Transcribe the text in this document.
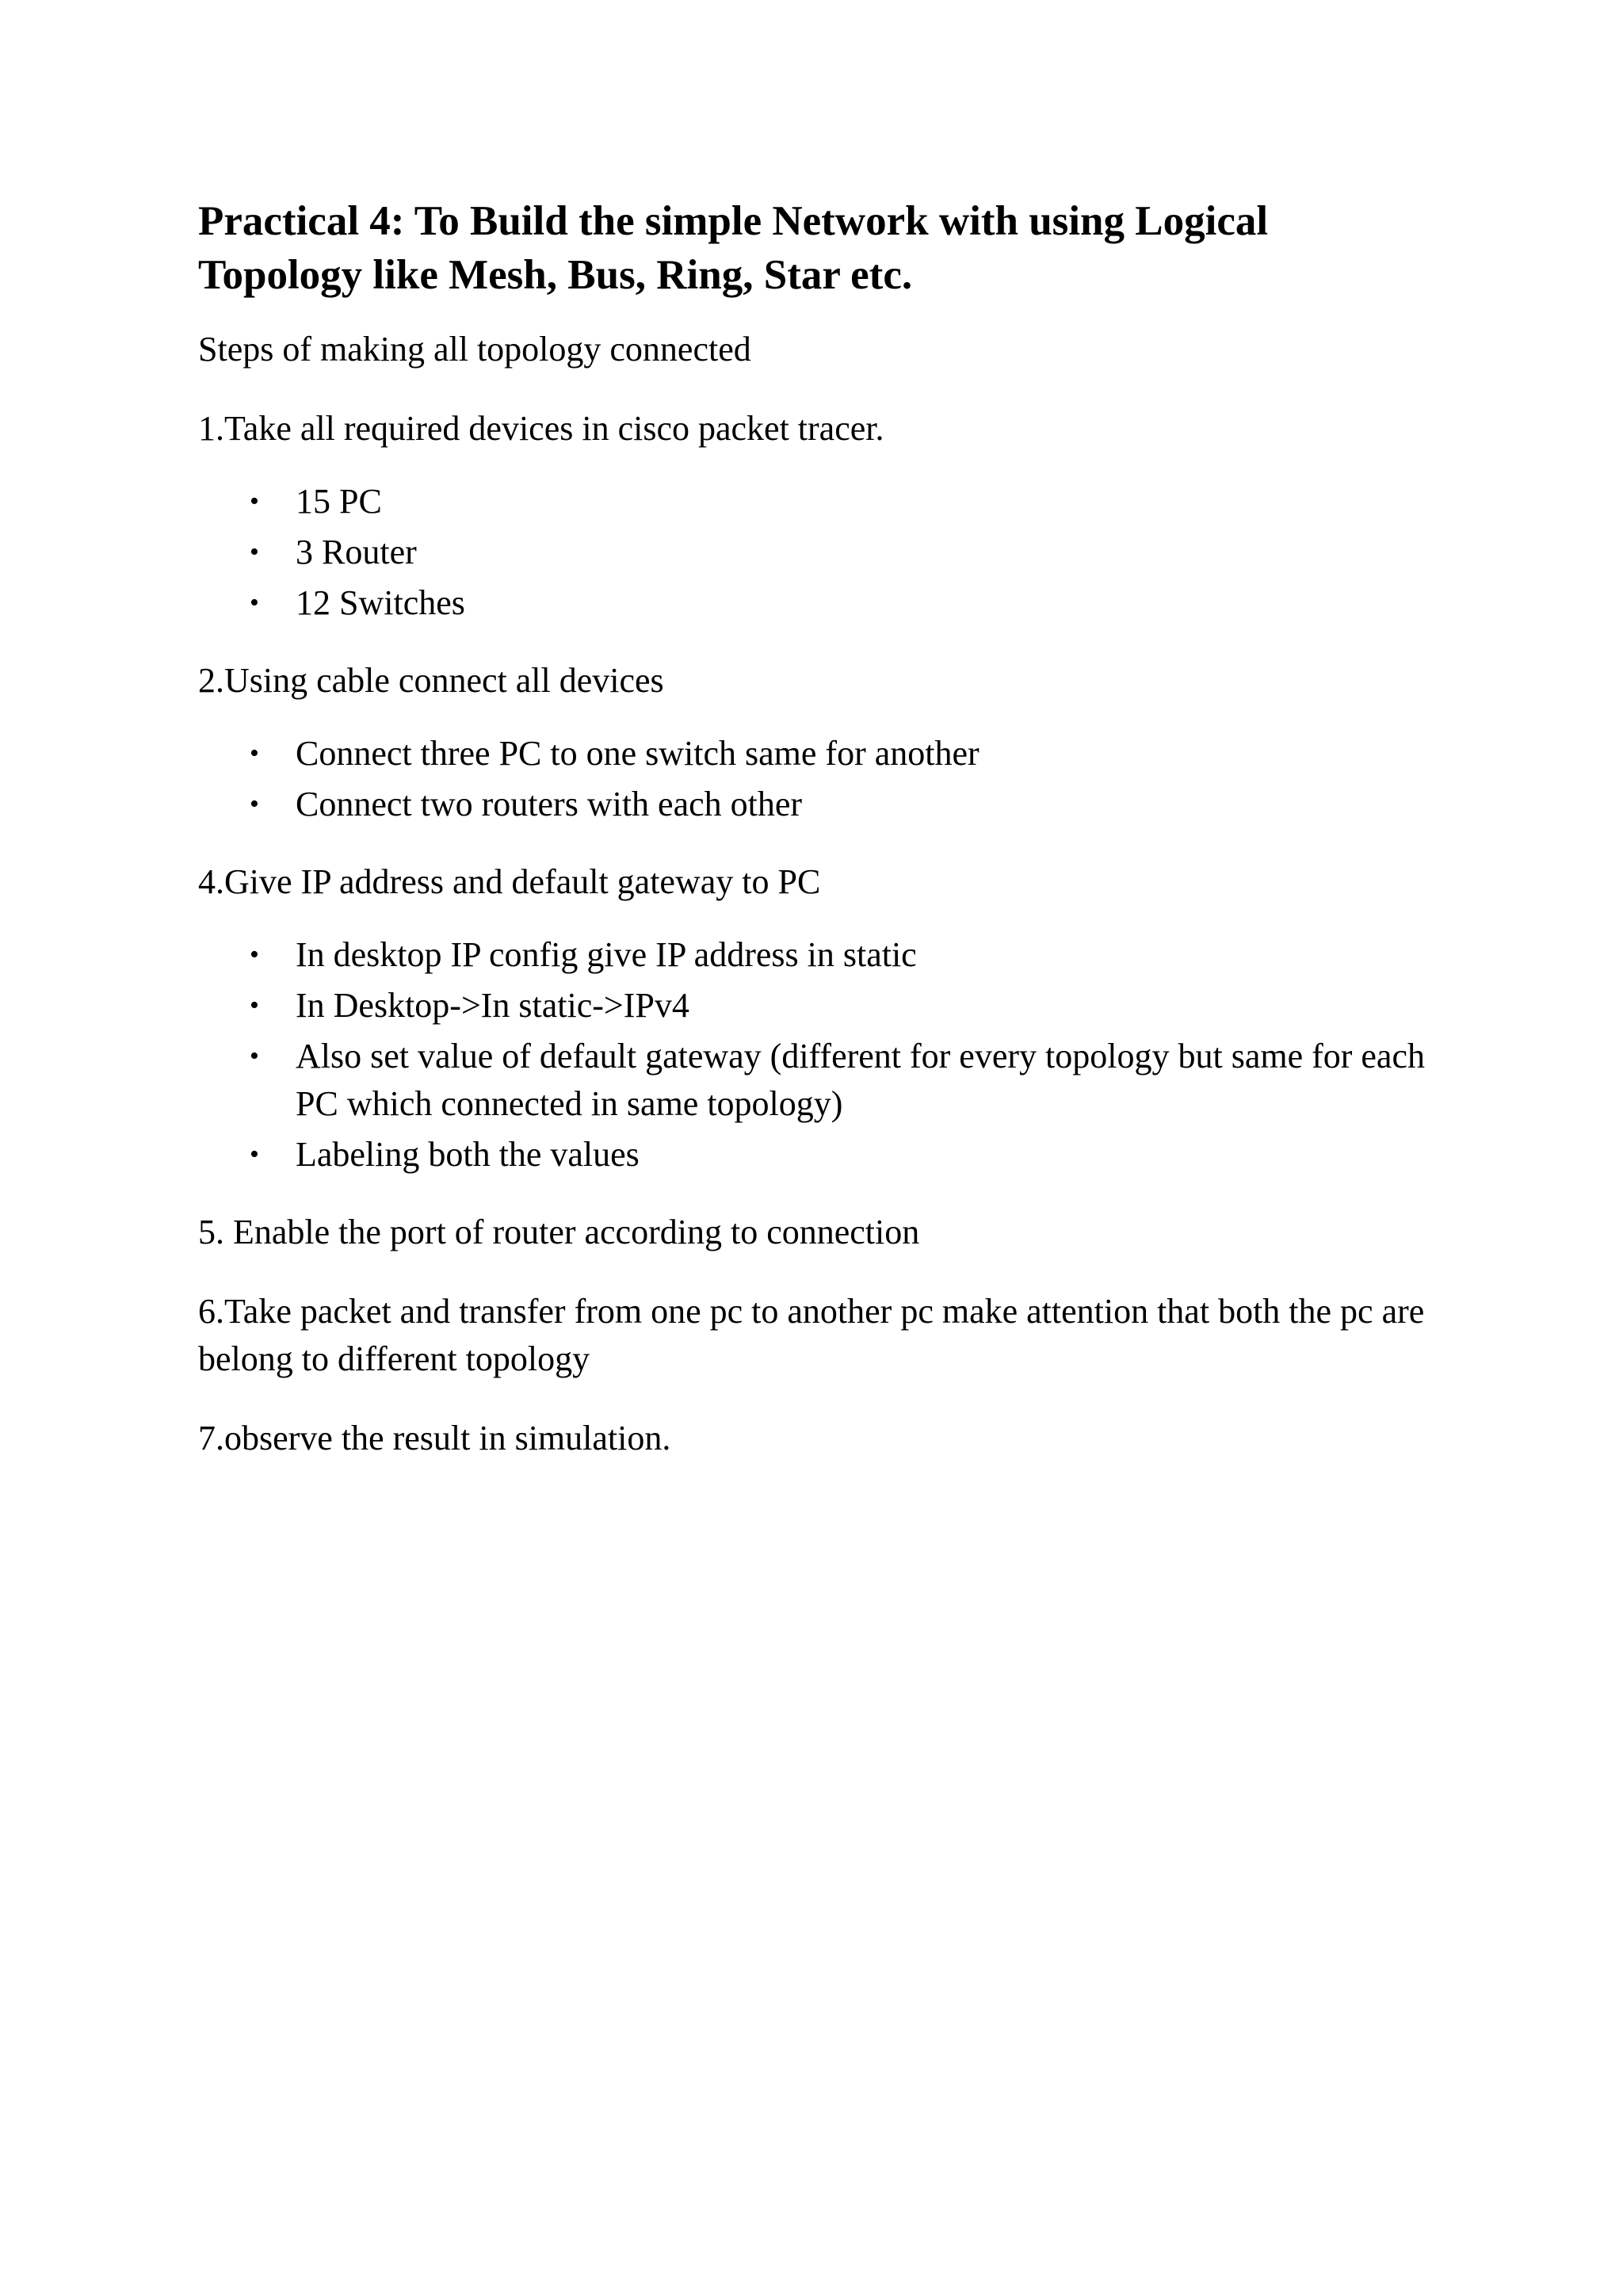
Practical 4: To Build the simple Network with using Logical Topology like Mesh, Bus, Ring, Star etc.

Steps of making all topology connected

1.Take all required devices in cisco packet tracer.

• 15 PC
• 3 Router
• 12 Switches

2.Using cable connect all devices

• Connect three PC to one switch same for another
• Connect two routers with each other

4.Give IP address and default gateway to PC

• In desktop IP config give IP address in static
• In Desktop->In static->IPv4
• Also set value of default gateway (different for every topology but same for each PC which connected in same topology)
• Labeling both the values

5. Enable the port of router according to connection

6.Take packet and transfer from one pc to another pc make attention that both the pc are belong to different topology

7.observe the result in simulation.
